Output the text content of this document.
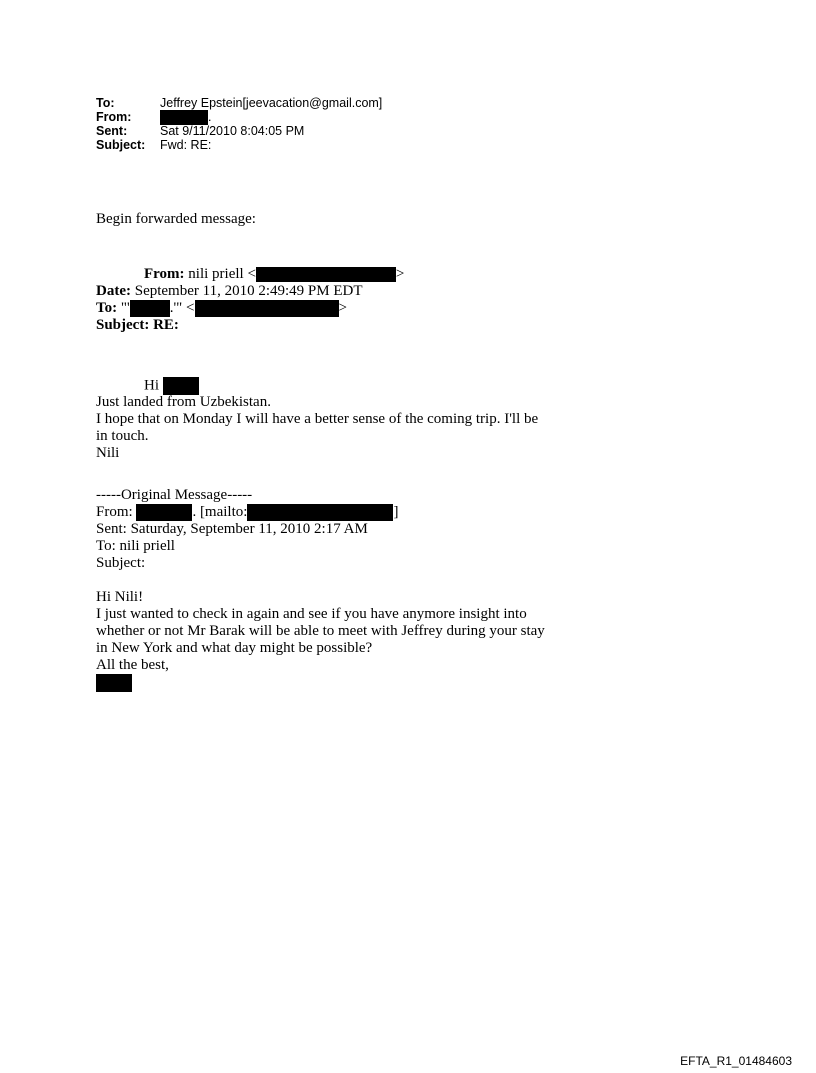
To:	Jeffrey Epstein[jeevacation@gmail.com]
From:	.
Sent:	Sat 9/11/2010 8:04:05 PM
Subject:	Fwd: RE:
Begin forwarded message:
From: nili priell <	>
Date: September 11, 2010 2:49:49 PM EDT
To: "'	.'" <	>
Subject: RE:
Hi
Just landed from Uzbekistan.
I hope that on Monday I will have a better sense of the coming trip. I'll be
in touch.
Nili
-----Original Message-----
From:	. [mailto:	]
Sent: Saturday, September 11, 2010 2:17 AM
To: nili priell
Subject:
Hi Nili!
I just wanted to check in again and see if you have anymore insight into
whether or not Mr Barak will be able to meet with Jeffrey during your stay
in New York and what day might be possible?
All the best,
EFTA_R1_01484603
